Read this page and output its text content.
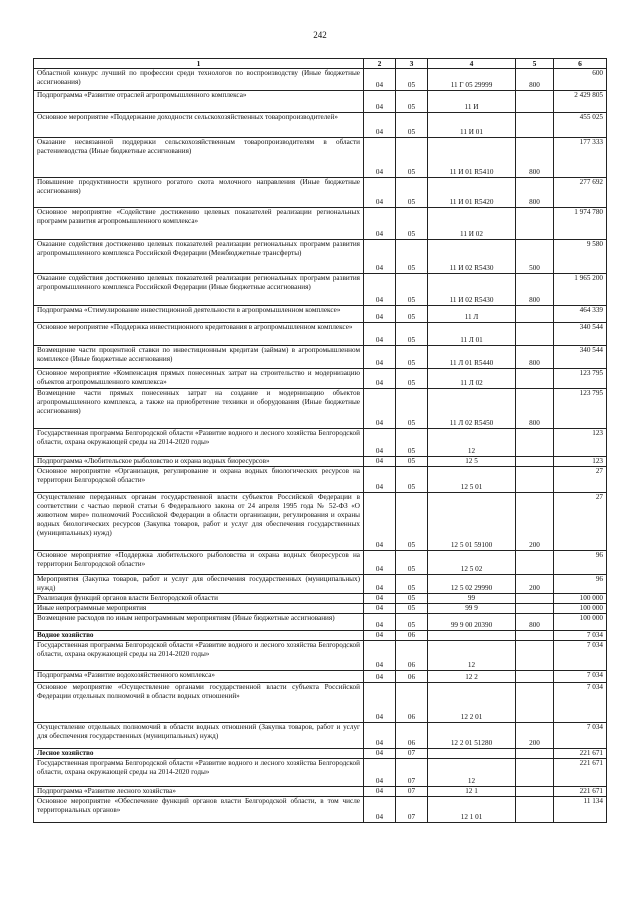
242
1	2	3	4	5	6
Областной конкурс лучший по профессии среди технологов по воспроизводству (Иные бюджетные ассигнования)	04	05	11 Г 05 29999	800	600
Подпрограмма «Развитие отраслей агропромышленного комплекса»	04	05	11 И		2 429 805
Основное мероприятие «Поддержание доходности сельскохозяйственных товаропроизводителей»	04	05	11 И 01		455 025
Оказание несвязанной поддержки сельскохозяйственным товаропроизводителям в области растениеводства (Иные бюджетные ассигнования)	04	05	11 И 01 R5410	800	177 333
Повышение продуктивности крупного рогатого скота молочного направления (Иные бюджетные ассигнования)	04	05	11 И 01 R5420	800	277 692
Основное мероприятие «Содействие достижению целевых показателей реализации региональных программ развития агропромышленного комплекса»	04	05	11 И 02		1 974 780
Оказание содействия достижению целевых показателей реализации региональных программ развития агропромышленного комплекса Российской Федерации (Межбюджетные трансферты)	04	05	11 И 02 R5430	500	9 580
Оказание содействия достижению целевых показателей реализации региональных программ развития агропромышленного комплекса Российской Федерации (Иные бюджетные ассигнования)	04	05	11 И 02 R5430	800	1 965 200
Подпрограмма «Стимулирование инвестиционной деятельности в агропромышленном комплексе»	04	05	11 Л		464 339
Основное мероприятие «Поддержка инвестиционного кредитования в агропромышленном комплексе»	04	05	11 Л 01		340 544
Возмещение части процентной ставки по инвестиционным кредитам (займам) в агропромышленном комплексе (Иные бюджетные ассигнования)	04	05	11 Л 01 R5440	800	340 544
Основное мероприятие «Компенсация прямых понесенных затрат на строительство и модернизацию объектов агропромышленного комплекса»	04	05	11 Л 02		123 795
Возмещение части прямых понесенных затрат на создание и модернизацию объектов агропромышленного комплекса, а также на приобретение техники и оборудования (Иные бюджетные ассигнования)	04	05	11 Л 02 R5450	800	123 795
Государственная программа Белгородской области «Развитие водного и лесного хозяйства Белгородской области, охрана окружающей среды на 2014-2020 годы»	04	05	12		123
Подпрограмма «Любительское рыболовство и охрана водных биоресурсов»	04	05	12 5		123
Основное мероприятие «Организация, регулирование и охрана водных биологических ресурсов на территории Белгородской области»	04	05	12 5 01		27
Осуществление переданных органам государственной власти субъектов Российской Федерации в соответствии с частью первой статьи 6 Федерального закона от 24 апреля 1995 года № 52-ФЗ «О животном мире» полномочий Российской Федерации в области организации, регулирования и охраны водных биологических ресурсов (Закупка товаров, работ и услуг для обеспечения государственных (муниципальных) нужд)	04	05	12 5 01 59100	200	27
Основное мероприятие «Поддержка любительского рыболовства и охрана водных биоресурсов на территории Белгородской области»	04	05	12 5 02		96
Мероприятия (Закупка товаров, работ и услуг для обеспечения государственных (муниципальных) нужд)	04	05	12 5 02 29990	200	96
Реализация функций органов власти Белгородской области	04	05	99		100 000
Иные непрограммные мероприятия	04	05	99 9		100 000
Возмещение расходов по иным непрограммным мероприятиям (Иные бюджетные ассигнования)	04	05	99 9 00 20390	800	100 000
Водное хозяйство	04	06			7 034
Государственная программа Белгородской области «Развитие водного и лесного хозяйства Белгородской области, охрана окружающей среды на 2014-2020 годы»	04	06	12		7 034
Подпрограмма «Развитие водохозяйственного комплекса»	04	06	12 2		7 034
Основное мероприятие «Осуществление органами государственной власти субъекта Российской Федерации отдельных полномочий в области водных отношений»	04	06	12 2 01		7 034
Осуществление отдельных полномочий в области водных отношений (Закупка товаров, работ и услуг для обеспечения государственных (муниципальных) нужд)	04	06	12 2 01 51280	200	7 034
Лесное хозяйство	04	07			221 671
Государственная программа Белгородской области «Развитие водного и лесного хозяйства Белгородской области, охрана окружающей среды на 2014-2020 годы»	04	07	12		221 671
Подпрограмма «Развитие лесного хозяйства»	04	07	12 1		221 671
Основное мероприятие «Обеспечение функций органов власти Белгородской области, в том числе территориальных органов»	04	07	12 1 01		11 134
